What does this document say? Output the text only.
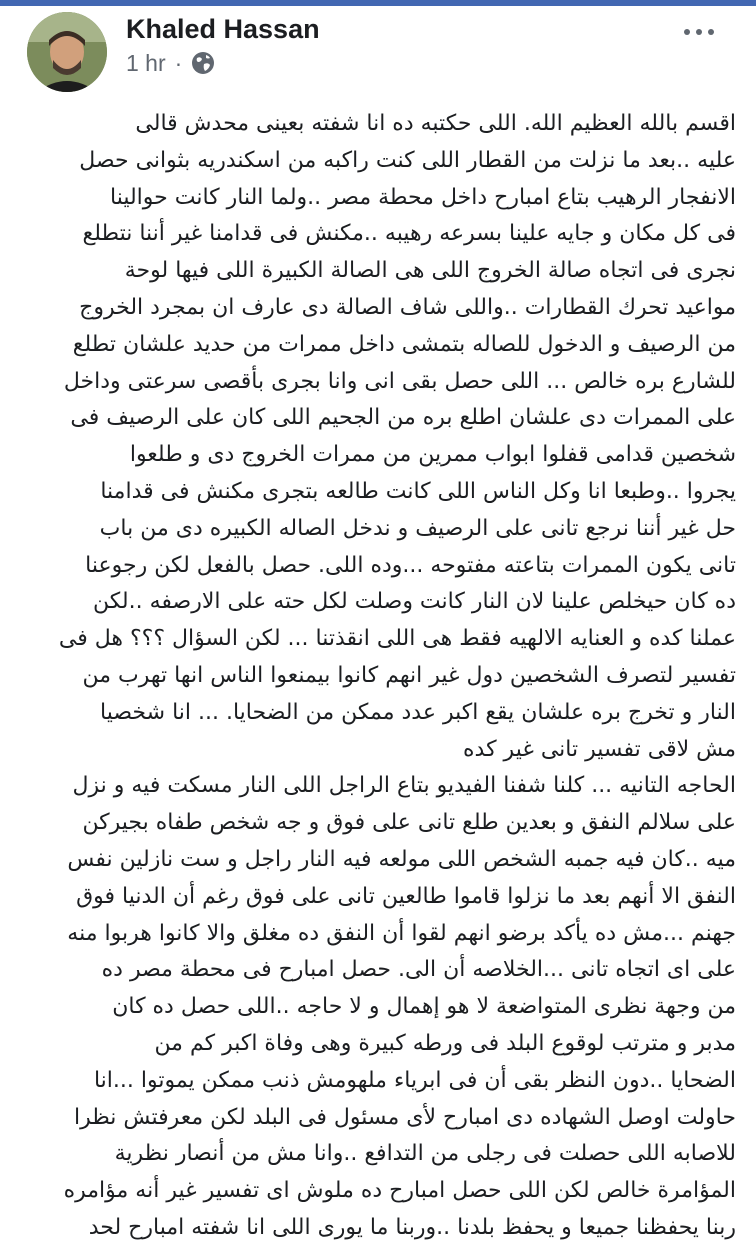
Khaled Hassan
1 hr ·
اقسم بالله العظيم الله. اللى حكتبه ده انا شفته بعينى محدش قالى
عليه ..بعد ما نزلت من القطار اللى كنت راكبه من اسكندريه بثوانى حصل
الانفجار الرهيب بتاع امبارح داخل محطة مصر ..ولما النار كانت حوالينا
فى كل مكان و جايه علينا بسرعه رهيبه ..مكنش فى قدامنا غير أننا نتطلع
نجرى فى اتجاه صالة الخروج اللى هى الصالة الكبيرة اللى فيها لوحة
مواعيد تحرك القطارات ..واللى شاف الصالة دى عارف ان بمجرد الخروج
من الرصيف و الدخول للصاله بتمشى داخل ممرات من حديد علشان تطلع
للشارع بره خالص ... اللى حصل بقى انى وانا بجرى بأقصى سرعتى وداخل
على الممرات دى علشان اطلع بره من الجحيم اللى كان على الرصيف فى
شخصين قدامى قفلوا ابواب ممرين من ممرات الخروج دى و طلعوا
يجروا ..وطبعا انا وكل الناس اللى كانت طالعه بتجرى مكنش فى قدامنا
حل غير أننا نرجع تانى على الرصيف و ندخل الصاله الكبيره دى من باب
تانى يكون الممرات بتاعته مفتوحه ...وده اللى. حصل بالفعل لكن رجوعنا
ده كان حيخلص علينا لان النار كانت وصلت لكل حته على الارصفه ..لكن
عملنا كده و العنايه الالهيه فقط هى اللى انقذتنا ... لكن السؤال ؟؟؟ هل فى
تفسير لتصرف الشخصين دول غير انهم كانوا بيمنعوا الناس انها تهرب من
النار و تخرج بره علشان يقع اكبر عدد ممكن من الضحايا. ... انا شخصيا
مش لاقى تفسير تانى غير كده
الحاجه التانيه ... كلنا شفنا الفيديو بتاع الراجل اللى النار مسكت فيه و نزل
على سلالم النفق و بعدين طلع تانى على فوق و جه شخص طفاه بجيركن
ميه ..كان فيه جمبه الشخص اللى مولعه فيه النار راجل و ست نازلين نفس
النفق الا أنهم بعد ما نزلوا قاموا طالعين تانى على فوق رغم أن الدنيا فوق
جهنم ...مش ده يأكد برضو انهم لقوا أن النفق ده مغلق والا كانوا هربوا منه
على اى اتجاه تانى ...الخلاصه أن الى. حصل امبارح فى محطة مصر ده
من وجهة نظرى المتواضعة لا هو إهمال و لا حاجه ..اللى حصل ده كان
مدبر و مترتب لوقوع البلد فى ورطه كبيرة وهى وفاة اكبر كم من
الضحايا ..دون النظر بقى أن فى ابرياء ملهومش ذنب ممكن يموتوا ...انا
حاولت اوصل الشهاده دى امبارح لأى مسئول فى البلد لكن معرفتش نظرا
للاصابه اللى حصلت فى رجلى من التدافع ..وانا مش من أنصار نظرية
المؤامرة خالص لكن اللى حصل امبارح ده ملوش اى تفسير غير أنه مؤامره
ربنا يحفظنا جميعا و يحفظ بلدنا ..وربنا ما يورى اللى انا شفته امبارح لحد
